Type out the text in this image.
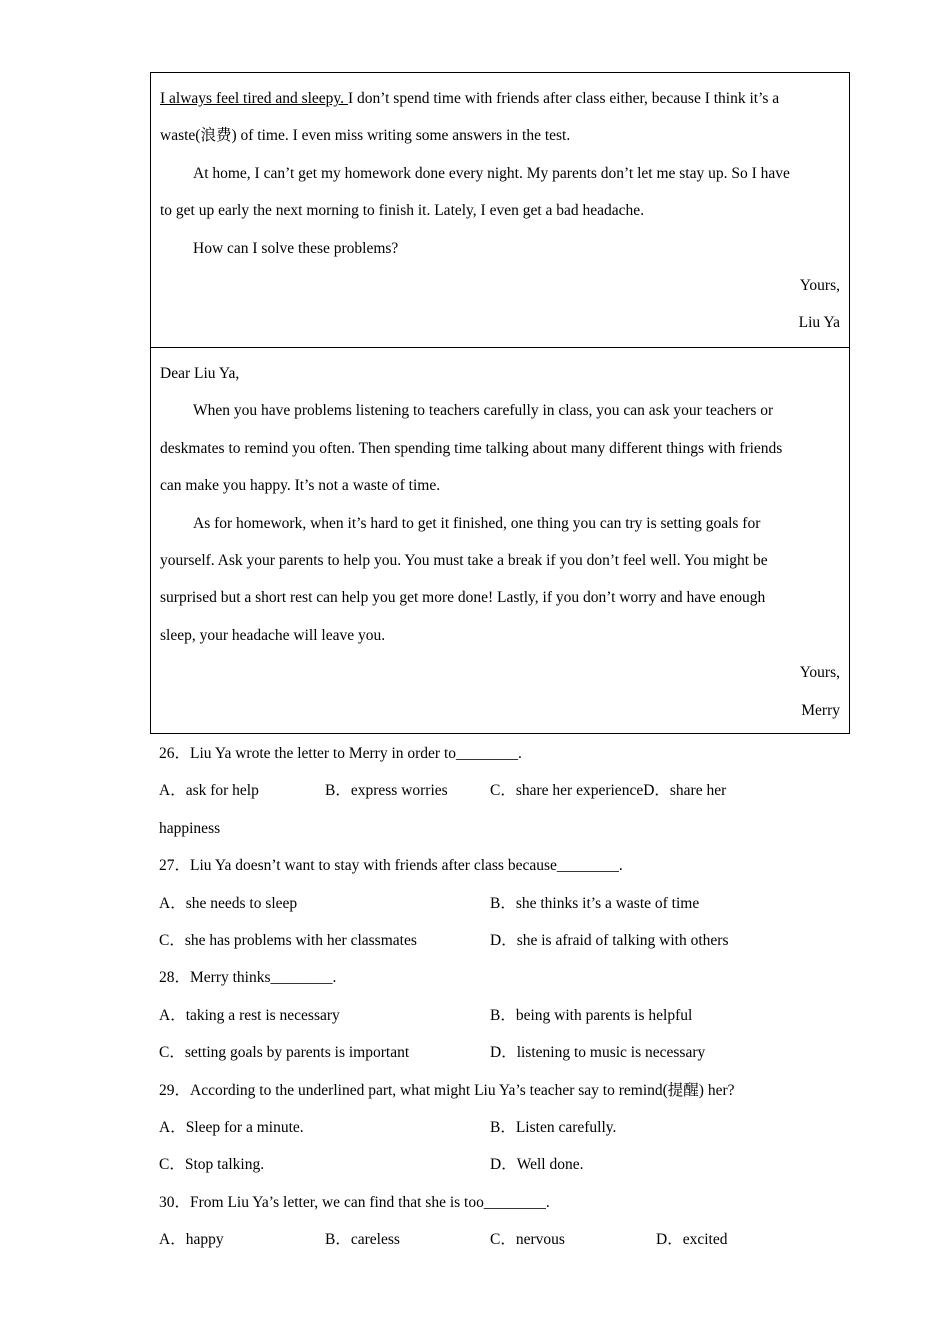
I always feel tired and sleepy. I don’t spend time with friends after class either, because I think it’s a
waste(浪费) of time. I even miss writing some answers in the test.
At home, I can’t get my homework done every night. My parents don’t let me stay up. So I have
to get up early the next morning to finish it. Lately, I even get a bad headache.
How can I solve these problems?
Yours,
Liu Ya
Dear Liu Ya,
When you have problems listening to teachers carefully in class, you can ask your teachers or
deskmates to remind you often. Then spending time talking about many different things with friends
can make you happy. It’s not a waste of time.
As for homework, when it’s hard to get it finished, one thing you can try is setting goals for
yourself. Ask your parents to help you. You must take a break if you don’t feel well. You might be
surprised but a short rest can help you get more done! Lastly, if you don’t worry and have enough
sleep, your headache will leave you.
Yours,
Merry
26．Liu Ya wrote the letter to Merry in order to________.
A．ask for help	B．express worries	C．share her experienceD．share her
happiness
27．Liu Ya doesn’t want to stay with friends after class because________.
A．she needs to sleep	B．she thinks it’s a waste of time
C．she has problems with her classmates	D．she is afraid of talking with others
28．Merry thinks________.
A．taking a rest is necessary	B．being with parents is helpful
C．setting goals by parents is important	D．listening to music is necessary
29．According to the underlined part, what might Liu Ya’s teacher say to remind(提醒) her?
A．Sleep for a minute.	B．Listen carefully.
C．Stop talking.	D．Well done.
30．From Liu Ya’s letter, we can find that she is too________.
A．happy	B．careless	C．nervous	D．excited
